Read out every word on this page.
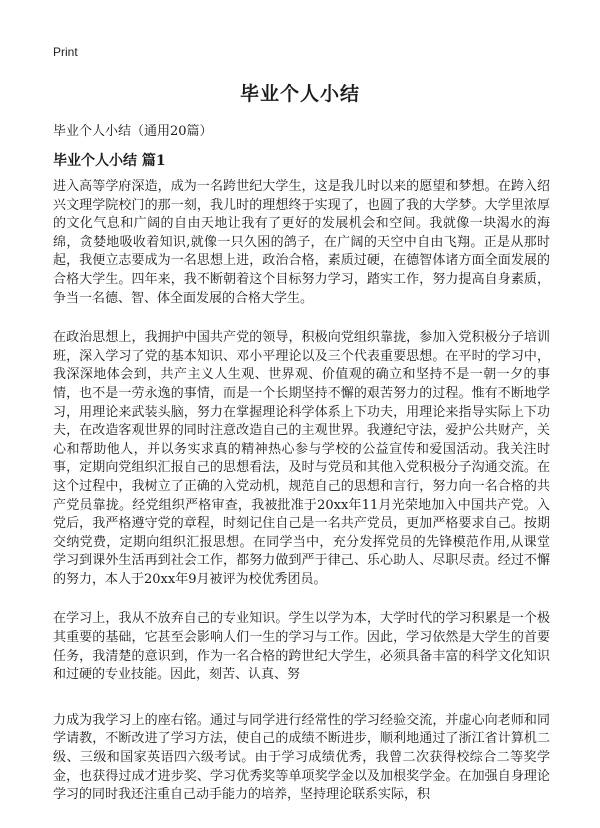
Print
毕业个人小结
毕业个人小结（通用20篇）
毕业个人小结 篇1

进入高等学府深造，成为一名跨世纪大学生，这是我儿时以来的愿望和梦想。在跨入绍兴文理学院校门的那一刻，我儿时的理想终于实现了，也圆了我的大学梦。大学里浓厚的文化气息和广阔的自由天地让我有了更好的发展机会和空间。我就像一块渴水的海绵，贪婪地吸收着知识,就像一只久困的鸽子，在广阔的天空中自由飞翔。正是从那时起，我便立志要成为一名思想上进，政治合格，素质过硬，在德智体诸方面全面发展的合格大学生。四年来，我不断朝着这个目标努力学习，踏实工作，努力提高自身素质，争当一名德、智、体全面发展的合格大学生。

在政治思想上，我拥护中国共产党的领导，积极向党组织靠拢，参加入党积极分子培训班，深入学习了党的基本知识、邓小平理论以及三个代表重要思想。在平时的学习中，我深深地体会到，共产主义人生观、世界观、价值观的确立和坚持不是一朝一夕的事情，也不是一劳永逸的事情，而是一个长期坚持不懈的艰苦努力的过程。惟有不断地学习，用理论来武装头脑，努力在掌握理论科学体系上下功夫，用理论来指导实际上下功夫，在改造客观世界的同时注意改造自己的主观世界。我遵纪守法，爱护公共财产，关心和帮助他人，并以务实求真的精神热心参与学校的公益宣传和爱国活动。我关注时事，定期向党组织汇报自己的思想看法，及时与党员和其他入党积极分子沟通交流。在这个过程中，我树立了正确的入党动机，规范自己的思想和言行，努力向一名合格的共产党员靠拢。经党组织严格审查，我被批准于20xx年11月光荣地加入中国共产党。入党后，我严格遵守党的章程，时刻记住自己是一名共产党员，更加严格要求自己。按期交纳党费，定期向组织汇报思想。在同学当中，充分发挥党员的先锋模范作用,从课堂学习到课外生活再到社会工作，都努力做到严于律己、乐心助人、尽职尽责。经过不懈的努力，本人于20xx年9月被评为校优秀团员。

在学习上，我从不放弃自己的专业知识。学生以学为本，大学时代的学习积累是一个极其重要的基础，它甚至会影响人们一生的学习与工作。因此，学习依然是大学生的首要任务，我清楚的意识到，作为一名合格的跨世纪大学生，必须具备丰富的科学文化知识和过硬的专业技能。因此，刻苦、认真、努

力成为我学习上的座右铭。通过与同学进行经常性的学习经验交流，并虚心向老师和同学请教，不断改进了学习方法，使自己的成绩不断进步，顺利地通过了浙江省计算机二级、三级和国家英语四六级考试。由于学习成绩优秀，我曾二次获得校综合二等奖学金，也获得过成才进步奖、学习优秀奖等单项奖学金以及加根奖学金。在加强自身理论学习的同时我还注重自己动手能力的培养，坚持理论联系实际，积
